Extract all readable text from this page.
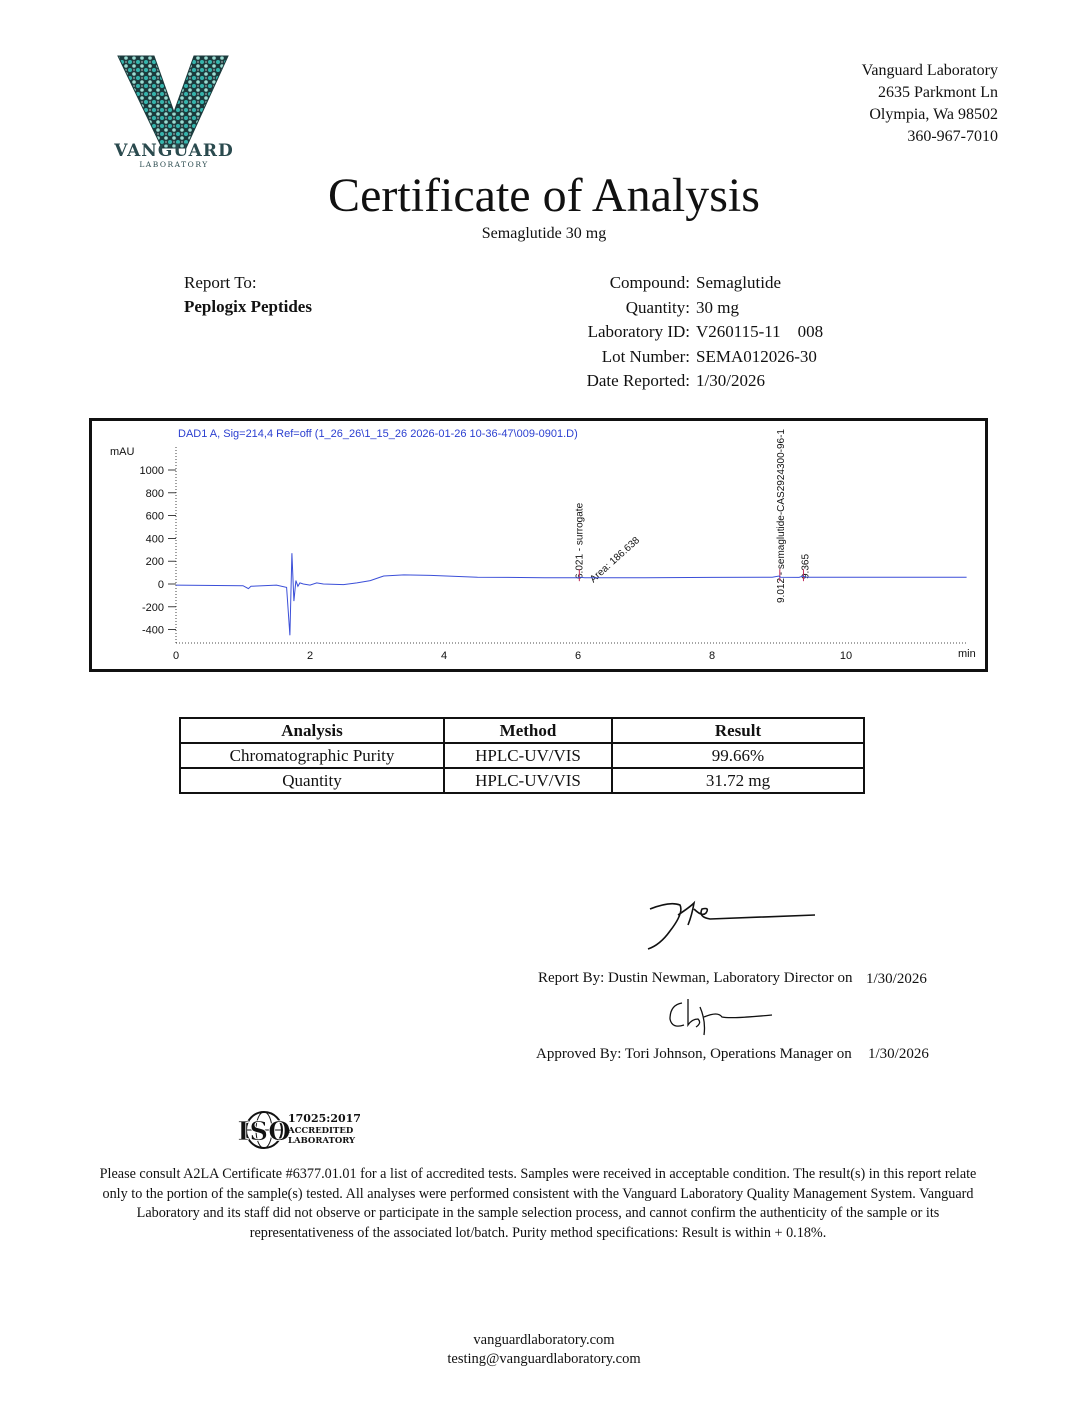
VANGUARD
LABORATORY
Vanguard Laboratory
2635 Parkmont Ln
Olympia, Wa 98502
360-967-7010
Certificate of Analysis
Semaglutide 30 mg
Report To:
Peplogix Peptides
Compound: Semaglutide
Quantity: 30 mg
Laboratory ID: V260115-11    008
Lot Number: SEMA012026-30
Date Reported: 1/30/2026
DAD1 A, Sig=214,4 Ref=off (1_26_26\1_15_26 2026-01-26 10-36-47\009-0901.D)
mAU
min
1000
800
600
400
200
0
-200
-400
0	2	4	6	8	10
6.021 - surrogate Area: 186.638	9.012 - semaglutide-CAS2924300-96-1 9.365
Analysis	Method	Result
Chromatographic Purity	HPLC-UV/VIS	99.66%
Quantity	HPLC-UV/VIS	31.72 mg
Report By: Dustin Newman, Laboratory Director on 1/30/2026
Approved By: Tori Johnson, Operations Manager on 1/30/2026
ISO
17025:2017
ACCREDITED
LABORATORY
Please consult A2LA Certificate #6377.01.01 for a list of accredited tests. Samples were received in acceptable condition. The result(s) in this report relate only to the portion of the sample(s) tested. All analyses were performed consistent with the Vanguard Laboratory Quality Management System. Vanguard Laboratory and its staff did not observe or participate in the sample selection process, and cannot confirm the authenticity of the sample or its representativeness of the associated lot/batch. Purity method specifications: Result is within + 0.18%.
vanguardlaboratory.com
testing@vanguardlaboratory.com
